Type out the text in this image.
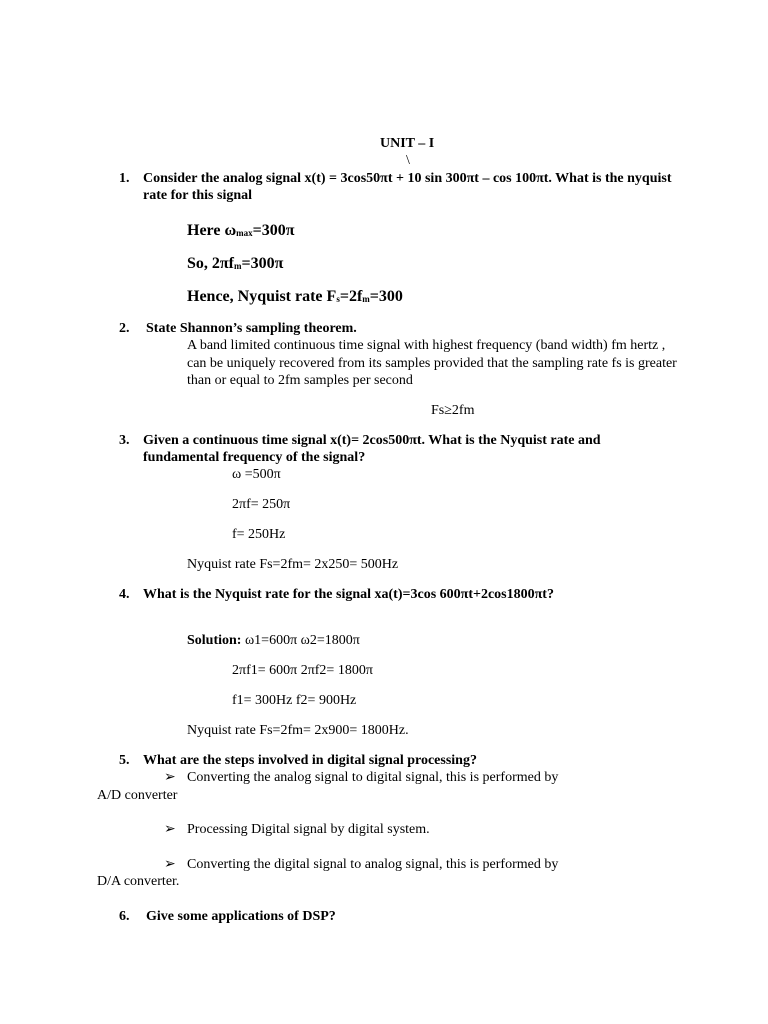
UNIT – I
\
1. Consider the analog signal x(t) = 3cos50πt + 10 sin 300πt – cos 100πt. What is the nyquist
rate for this signal
Here $\omega_{max}=300\pi$
So, $2\pi f_m=300\pi$
Hence, Nyquist rate $F_s=2f_m=300$
2. State Shannon’s sampling theorem.
A band limited continuous time signal with highest frequency (band width) fm hertz ,
can be uniquely recovered from its samples provided that the sampling rate fs is greater
than or equal to 2fm samples per second
Fs≥2fm
3. Given a continuous time signal x(t)= 2cos500πt. What is the Nyquist rate and
fundamental frequency of the signal?
ω =500π
2πf= 250π
f= 250Hz
Nyquist rate Fs=2fm= 2x250= 500Hz
4. What is the Nyquist rate for the signal xa(t)=3cos 600πt+2cos1800πt?
Solution: ω1=600π ω2=1800π
2πf1= 600π 2πf2= 1800π
f1= 300Hz f2= 900Hz
Nyquist rate Fs=2fm= 2x900= 1800Hz.
5. What are the steps involved in digital signal processing?
➢ Converting the analog signal to digital signal, this is performed by
A/D converter
➢ Processing Digital signal by digital system.
➢ Converting the digital signal to analog signal, this is performed by
D/A converter.
6. Give some applications of DSP?
